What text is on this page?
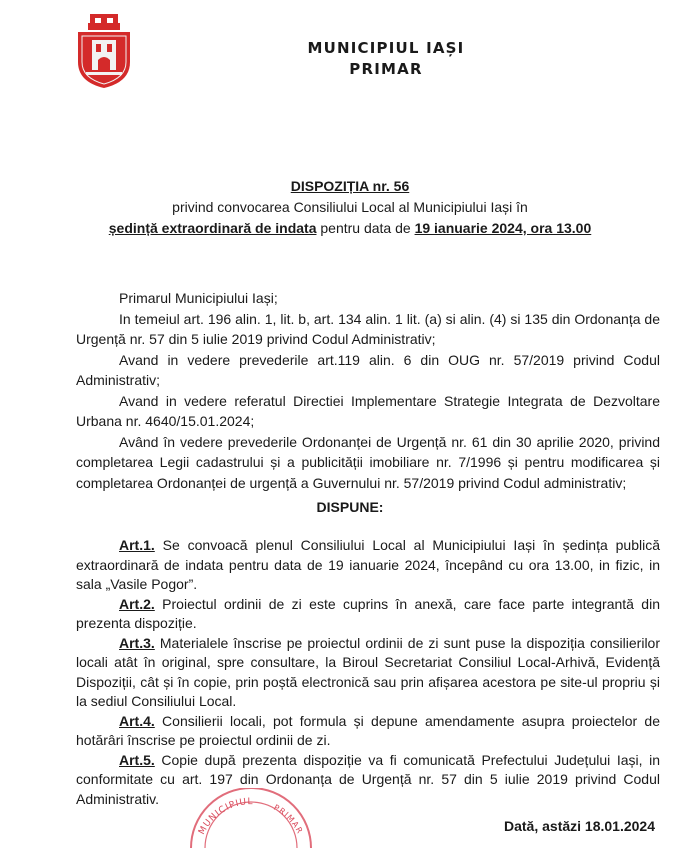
MUNICIPIUL IAȘI
PRIMAR
DISPOZIȚIA nr. 56
privind convocarea Consiliului Local al Municipiului Iași în
ședință extraordinară de indata pentru data de 19 ianuarie 2024, ora 13.00

Primarul Municipiului Iași;

In temeiul art. 196 alin. 1, lit. b, art. 134 alin. 1 lit. (a) si alin. (4) si 135 din Ordonanța de Urgență nr. 57 din 5 iulie 2019 privind Codul Administrativ;

Avand in vedere prevederile art.119 alin. 6 din OUG nr. 57/2019 privind Codul Administrativ;

Avand in vedere referatul Directiei Implementare Strategie Integrata de Dezvoltare Urbana nr. 4640/15.01.2024;

Având în vedere prevederile Ordonanței de Urgență nr. 61 din 30 aprilie 2020, privind completarea Legii cadastrului și a publicității imobiliare nr. 7/1996 și pentru modificarea și completarea Ordonanței de urgență a Guvernului nr. 57/2019 privind Codul administrativ;

DISPUNE:

Art.1. Se convoacă plenul Consiliului Local al Municipiului Iași în ședința publică extraordinară de indata pentru data de 19 ianuarie 2024, începând cu ora 13.00, in fizic, in sala „Vasile Pogor”.

Art.2. Proiectul ordinii de zi este cuprins în anexă, care face parte integrantă din prezenta dispoziție.

Art.3. Materialele înscrise pe proiectul ordinii de zi sunt puse la dispoziția consilierilor locali atât în original, spre consultare, la Biroul Secretariat Consiliul Local-Arhivă, Evidență Dispoziții, cât și în copie, prin poștă electronică sau prin afișarea acestora pe site-ul propriu și la sediul Consiliului Local.

Art.4. Consilierii locali, pot formula și depune amendamente asupra proiectelor de hotărâri înscrise pe proiectul ordinii de zi.

Art.5. Copie după prezenta dispoziție va fi comunicată Prefectului Județului Iași, in conformitate cu art. 197 din Ordonanța de Urgență nr. 57 din 5 iulie 2019 privind Codul Administrativ.

MUNICIPIUL
PRIMAR	Dată, astăzi 18.01.2024
